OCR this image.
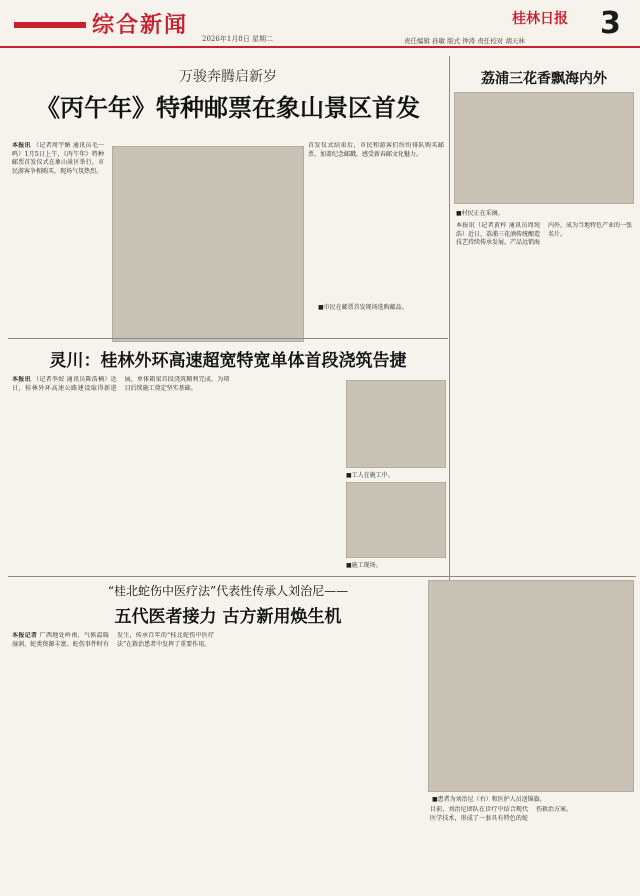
综合新闻
2026年1月8日 星期二	责任编辑 孙敏 版式 钟涛 责任校对 胡天林
桂林日报 3
万骏奔腾启新岁
《丙午年》特种邮票在象山景区首发
本报讯 （记者周宇媚 通讯员毛一鸣）1月5日上午，《丙午年》特种邮票首发仪式在象山景区举行，市民游客争相购买，现场气氛热烈。
首发仪式结束后，市民和游客们纷纷排队购买邮票、加盖纪念邮戳，感受新春邮文化魅力。
■市民在邮票首发现场选购邮品。
荔浦三花香飘海内外
■村民正在采摘。
本报讯（记者黄梓 通讯员周纯浩）近日，荔浦三花酒传统酿造技艺持续传承发展，产品远销海内外，成为当地特色产业的一张名片。
灵川：桂林外环高速超宽特宽单体首段浇筑告捷
本报讯 （记者李姣 通讯员陈浩楠）近日，桂林外环高速公路建设取得新进展，单体箱梁首段浇筑顺利完成，为项目后续施工奠定坚实基础。
■工人在施工中。
■施工现场。
“桂北蛇伤中医疗法”代表性传承人刘治尼——
五代医者接力 古方新用焕生机
本报记者 广西地处岭南，气候温暖湿润，蛇类资源丰富。蛇伤事件时有发生，传承百年的“桂北蛇伤中医疗法”在救治患者中发挥了重要作用。
■患者为刘治尼（右）和医护人员送锦旗。
目前，刘治尼团队在诊疗中结合现代医学技术，形成了一套具有特色的蛇伤救治方案。
